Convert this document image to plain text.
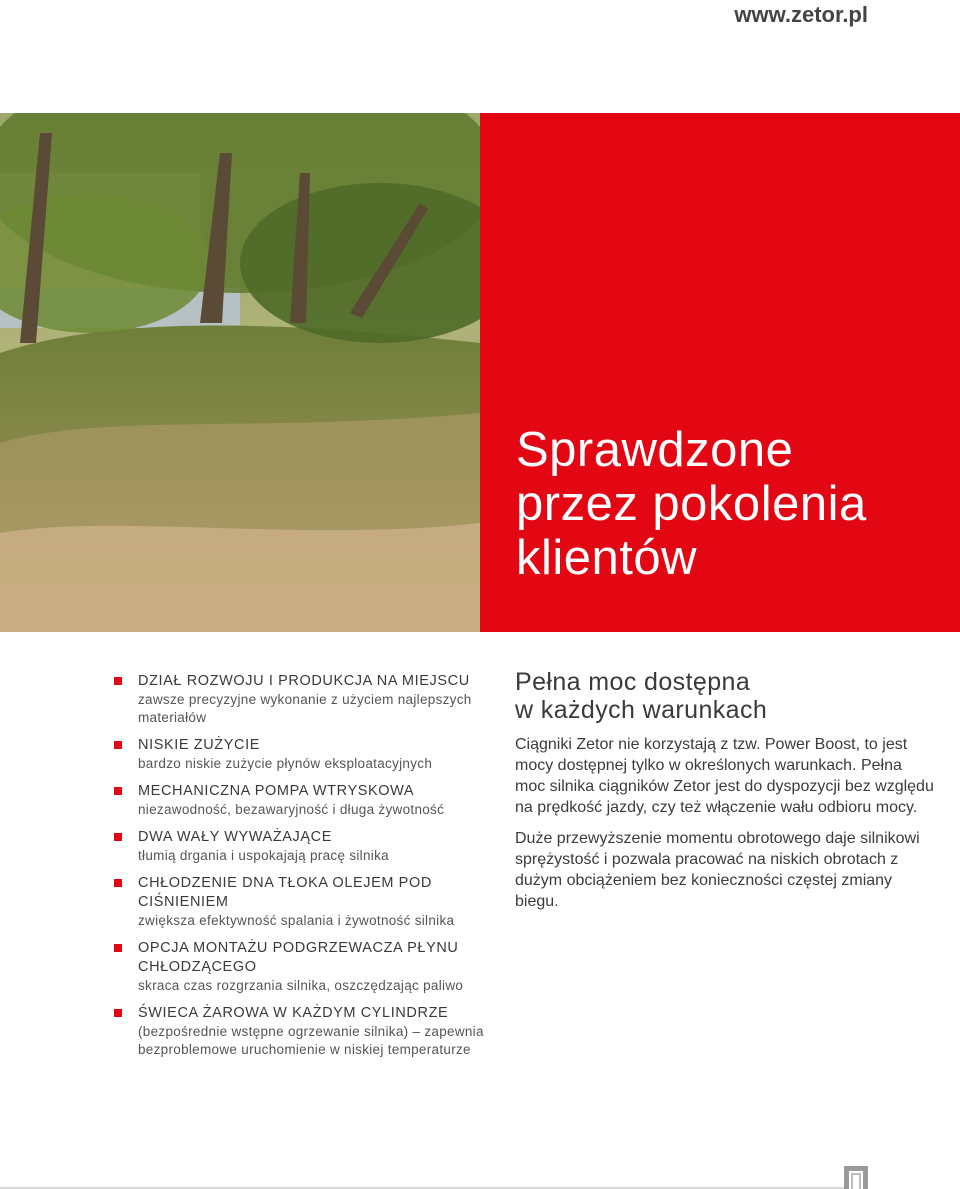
www.zetor.pl
Sprawdzone
przez pokolenia
klientów
DZIAŁ ROZWOJU I PRODUKCJA NA MIEJSCU
zawsze precyzyjne wykonanie z użyciem najlepszych materiałów
NISKIE ZUŻYCIE
bardzo niskie zużycie płynów eksploatacyjnych
MECHANICZNA POMPA WTRYSKOWA
niezawodność, bezawaryjność i długa żywotność
DWA WAŁY WYWAŻAJĄCE
tłumią drgania i uspokajają pracę silnika
CHŁODZENIE DNA TŁOKA OLEJEM POD CIŚNIENIEM
zwiększa efektywność spalania i żywotność silnika
OPCJA MONTAŻU PODGRZEWACZA PŁYNU CHŁODZĄCEGO
skraca czas rozgrzania silnika, oszczędzając paliwo
ŚWIECA ŻAROWA W KAŻDYM CYLINDRZE
(bezpośrednie wstępne ogrzewanie silnika) – zapewnia bezproblemowe uruchomienie w niskiej temperaturze
Pełna moc dostępna
w każdych warunkach

Ciągniki Zetor nie korzystają z tzw. Power Boost, to jest mocy dostępnej tylko w określonych warunkach. Pełna moc silnika ciągników Zetor jest do dyspozycji bez względu na prędkość jazdy, czy też włączenie wału odbioru mocy.

Duże przewyższenie momentu obrotowego daje silnikowi sprężystość i pozwala pracować na niskich obrotach z dużym obciążeniem bez konieczności częstej zmiany biegu.
